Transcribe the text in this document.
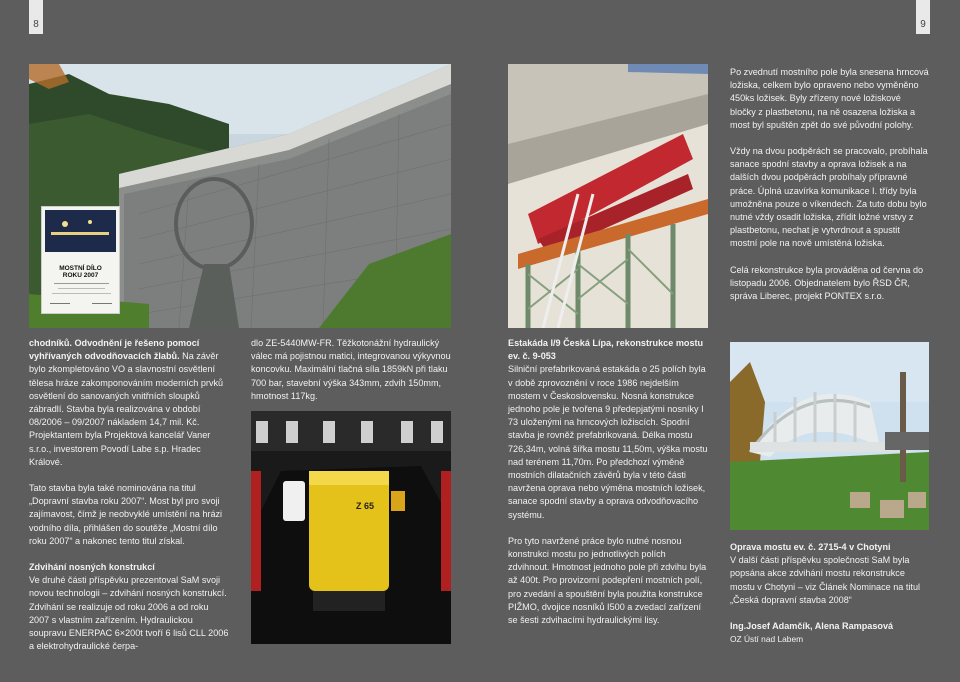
8	9
MOSTNÍ DÍLO
ROKU 2007
Z 65

chodníků. Odvodnění je řešeno pomocí vyhřívaných odvodňovacích žlabů. Na závěr bylo zkompletováno VO a slavnostní osvětlení tělesa hráze zakomponováním moderních prvků osvětlení do sanovaných vnitřních sloupků zábradlí. Stavba byla realizována v období 08/2006 – 09/2007 nákladem 14,7 mil. Kč. Projektantem byla Projektová kancelář Vaner s.r.o., investorem Povodí Labe s.p. Hradec Králové.

Tato stavba byla také nominována na titul „Dopravní stavba roku 2007“. Most byl pro svoji zajímavost, čímž je neobvyklé umístění na hrázi vodního díla, přihlášen do soutěže „Mostní dílo roku 2007“ a nakonec tento titul získal.

Zdvihání nosných konstrukcí

Ve druhé části příspěvku prezentoval SaM svoji novou technologii – zdvihání nosných konstrukcí. Zdvihání se realizuje od roku 2006 a od roku 2007 s vlastním zařízením. Hydraulickou soupravu ENERPAC 6×200t tvoří 6 lisů CLL 2006 a elektrohydraulické čerpa-

dlo ZE-5440MW-FR. Těžkotonážní hydraulický válec má pojistnou matici, integrovanou výkyvnou koncovku. Maximální tlačná síla 1859kN při tlaku 700 bar, stavební výška 343mm, zdvih 150mm, hmotnost 117kg.

Estakáda I/9 Česká Lípa, rekonstrukce mostu ev. č. 9-053

Silniční prefabrikovaná estakáda o 25 polích byla v době zprovoznění v roce 1986 nejdelším mostem v Československu. Nosná konstrukce jednoho pole je tvořena 9 předepjatými nosníky I 73 uloženými na hrncových ložiscích. Spodní stavba je rovněž prefabrikovaná. Délka mostu 726,34m, volná šířka mostu 11,50m, výška mostu nad terénem 11,70m. Po předchozí výměně mostních dilatačních závěrů byla v této části navržena oprava nebo výměna mostních ložisek, sanace spodní stavby a oprava odvodňovacího systému.

Pro tyto navržené práce bylo nutné nosnou konstrukci mostu po jednotlivých polích zdvihnout. Hmotnost jednoho pole při zdvihu byla až 400t. Pro provizorní podepření mostních polí, pro zvedání a spouštění byla použita konstrukce PIŽMO, dvojice nosníků I500 a zvedací zařízení se šesti zdvihacími hydraulickými lisy.

Po zvednutí mostního pole byla snesena hrncová ložiska, celkem bylo opraveno nebo vyměněno 450ks ložisek. Byly zřízeny nové ložiskové bločky z plastbetonu, na ně osazena ložiska a most byl spuštěn zpět do své původní polohy.

Vždy na dvou podpěrách se pracovalo, probíhala sanace spodní stavby a oprava ložisek a na dalších dvou podpěrách probíhaly přípravné práce. Úplná uzavírka komunikace I. třídy byla umožněna pouze o víkendech. Za tuto dobu bylo nutné vždy osadit ložiska, zřídit ložné vrstvy z plastbetonu, nechat je vytvrdnout a spustit mostní pole na nově umístěná ložiska.

Celá rekonstrukce byla prováděna od června do listopadu 2006. Objednatelem bylo ŘSD ČR, správa Liberec, projekt PONTEX s.r.o.

Oprava mostu ev. č. 2715-4 v Chotyni

V další části příspěvku společnosti SaM byla popsána akce zdvihání mostu rekonstrukce mostu v Chotyni – viz Článek Nominace na titul „Česká dopravní stavba 2008“

Ing.Josef Adamčík, Alena Rampasová
OZ Ústí nad Labem
